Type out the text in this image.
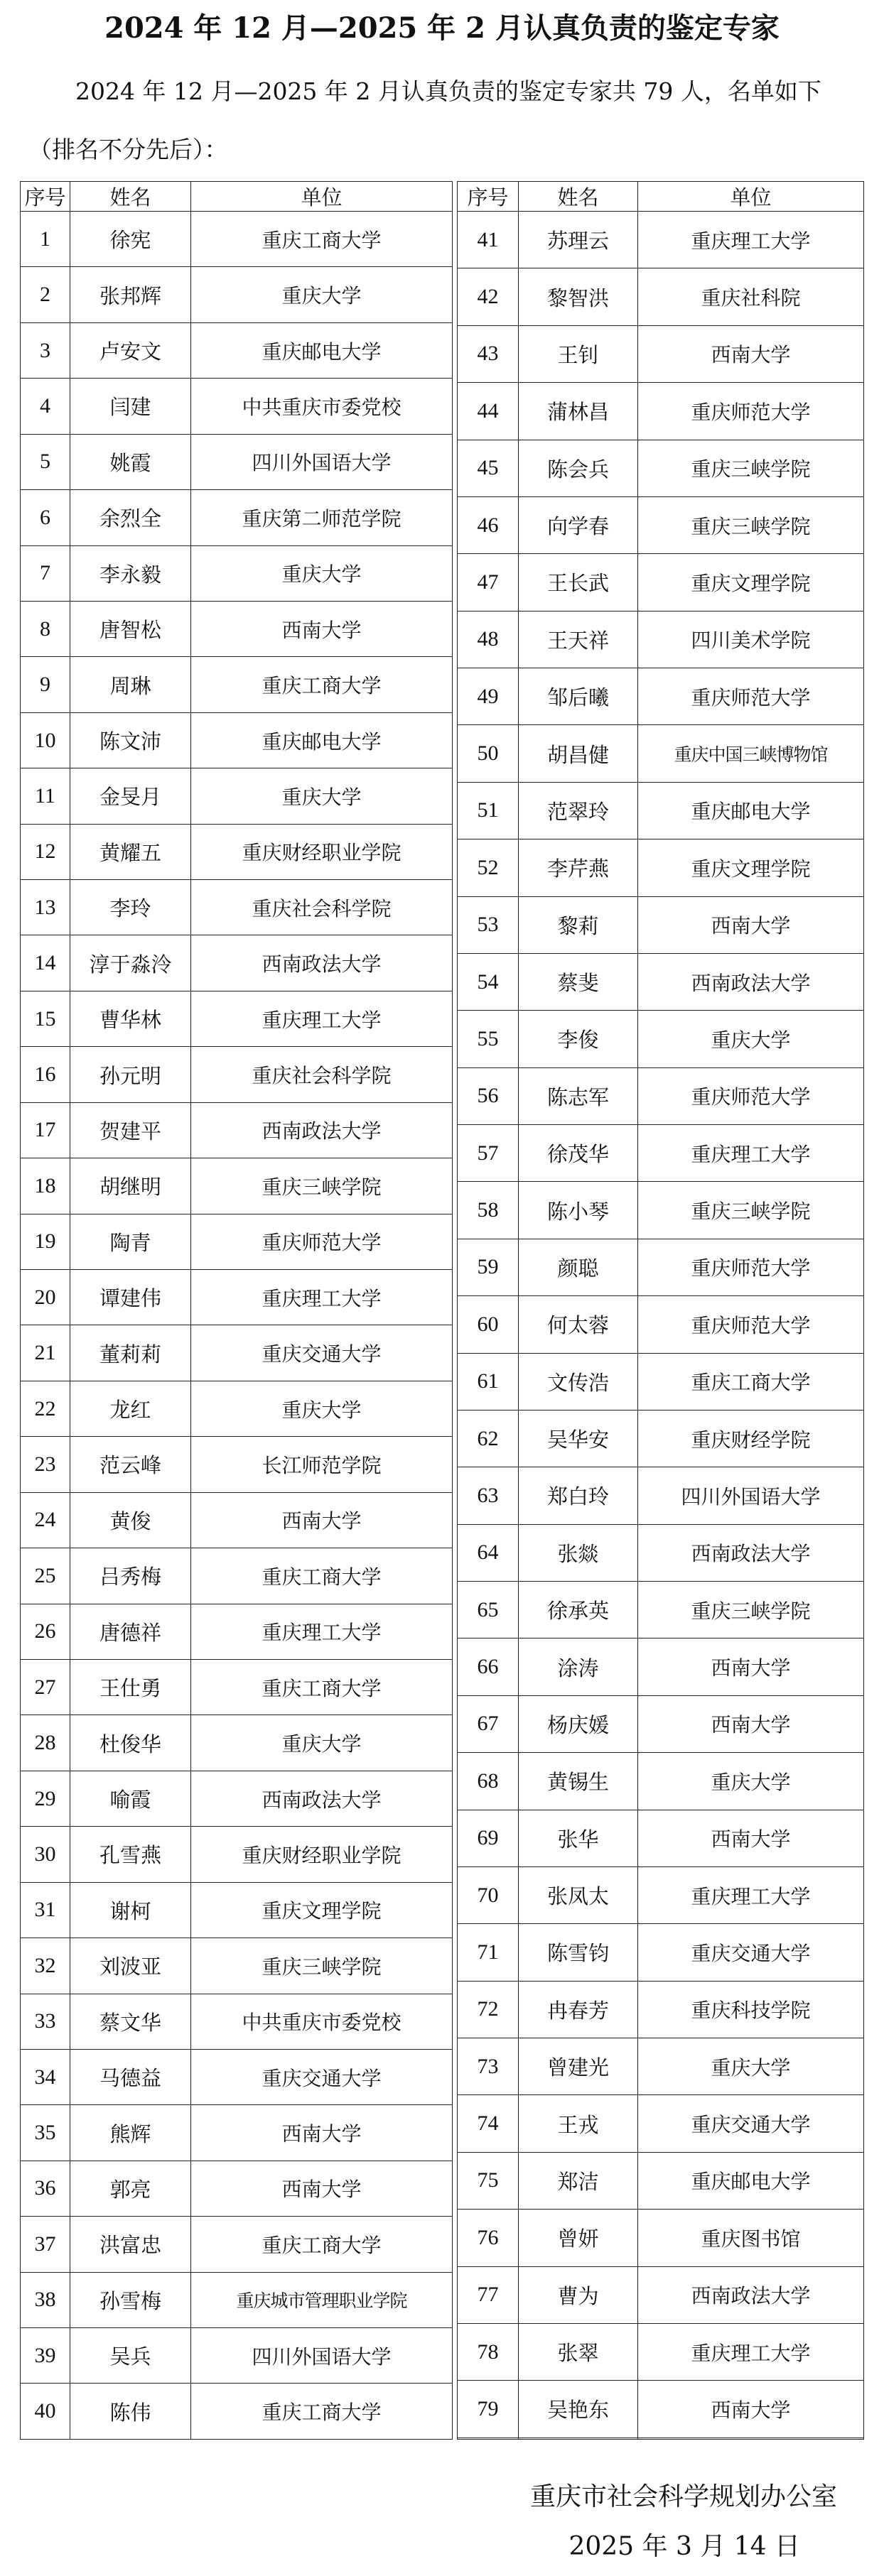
2024 年 12 月—2025 年 2 月认真负责的鉴定专家
2024 年 12 月—2025 年 2 月认真负责的鉴定专家共 79 人，名单如下（排名不分先后）：
序号	姓名	单位
1	徐宪	重庆工商大学
2	张邦辉	重庆大学
3	卢安文	重庆邮电大学
4	闫建	中共重庆市委党校
5	姚霞	四川外国语大学
6	余烈全	重庆第二师范学院
7	李永毅	重庆大学
8	唐智松	西南大学
9	周琳	重庆工商大学
10	陈文沛	重庆邮电大学
11	金旻月	重庆大学
12	黄耀五	重庆财经职业学院
13	李玲	重庆社会科学院
14	淳于淼泠	西南政法大学
15	曹华林	重庆理工大学
16	孙元明	重庆社会科学院
17	贺建平	西南政法大学
18	胡继明	重庆三峡学院
19	陶青	重庆师范大学
20	谭建伟	重庆理工大学
21	董莉莉	重庆交通大学
22	龙红	重庆大学
23	范云峰	长江师范学院
24	黄俊	西南大学
25	吕秀梅	重庆工商大学
26	唐德祥	重庆理工大学
27	王仕勇	重庆工商大学
28	杜俊华	重庆大学
29	喻霞	西南政法大学
30	孔雪燕	重庆财经职业学院
31	谢柯	重庆文理学院
32	刘波亚	重庆三峡学院
33	蔡文华	中共重庆市委党校
34	马德益	重庆交通大学
35	熊辉	西南大学
36	郭亮	西南大学
37	洪富忠	重庆工商大学
38	孙雪梅	重庆城市管理职业学院
39	吴兵	四川外国语大学
40	陈伟	重庆工商大学
序号	姓名	单位
41	苏理云	重庆理工大学
42	黎智洪	重庆社科院
43	王钊	西南大学
44	蒲林昌	重庆师范大学
45	陈会兵	重庆三峡学院
46	向学春	重庆三峡学院
47	王长武	重庆文理学院
48	王天祥	四川美术学院
49	邹后曦	重庆师范大学
50	胡昌健	重庆中国三峡博物馆
51	范翠玲	重庆邮电大学
52	李芹燕	重庆文理学院
53	黎莉	西南大学
54	蔡斐	西南政法大学
55	李俊	重庆大学
56	陈志军	重庆师范大学
57	徐茂华	重庆理工大学
58	陈小琴	重庆三峡学院
59	颜聪	重庆师范大学
60	何太蓉	重庆师范大学
61	文传浩	重庆工商大学
62	吴华安	重庆财经学院
63	郑白玲	四川外国语大学
64	张燚	西南政法大学
65	徐承英	重庆三峡学院
66	涂涛	西南大学
67	杨庆媛	西南大学
68	黄锡生	重庆大学
69	张华	西南大学
70	张凤太	重庆理工大学
71	陈雪钧	重庆交通大学
72	冉春芳	重庆科技学院
73	曾建光	重庆大学
74	王戎	重庆交通大学
75	郑洁	重庆邮电大学
76	曾妍	重庆图书馆
77	曹为	西南政法大学
78	张翠	重庆理工大学
79	吴艳东	西南大学

重庆市社会科学规划办公室
2025 年 3 月 14 日
